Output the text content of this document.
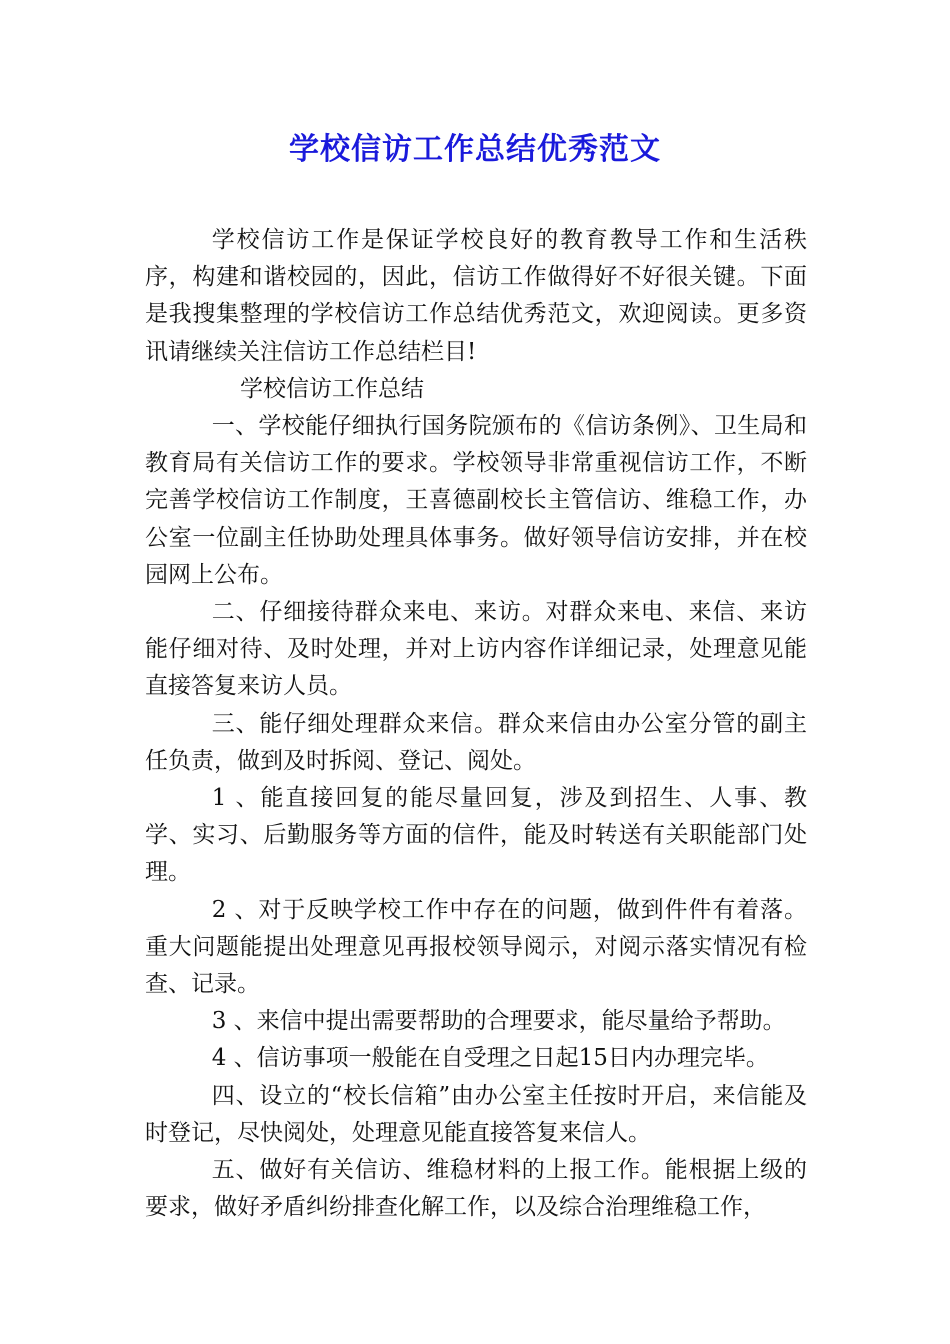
学校信访工作总结优秀范文

学校信访工作是保证学校良好的教育教导工作和生活秩序，构建和谐校园的，因此，信访工作做得好不好很关键。下面是我搜集整理的学校信访工作总结优秀范文，欢迎阅读。更多资讯请继续关注信访工作总结栏目!

学校信访工作总结

一、学校能仔细执行国务院颁布的《信访条例》、卫生局和教育局有关信访工作的要求。学校领导非常重视信访工作，不断完善学校信访工作制度，王喜德副校长主管信访、维稳工作，办公室一位副主任协助处理具体事务。做好领导信访安排，并在校园网上公布。

二、仔细接待群众来电、来访。对群众来电、来信、来访能仔细对待、及时处理，并对上访内容作详细记录，处理意见能直接答复来访人员。

三、能仔细处理群众来信。群众来信由办公室分管的副主任负责，做到及时拆阅、登记、阅处。

1 、能直接回复的能尽量回复，涉及到招生、人事、教学、实习、后勤服务等方面的信件，能及时转送有关职能部门处理。

2 、对于反映学校工作中存在的问题，做到件件有着落。重大问题能提出处理意见再报校领导阅示，对阅示落实情况有检查、记录。

3 、来信中提出需要帮助的合理要求，能尽量给予帮助。

4 、信访事项一般能在自受理之日起15日内办理完毕。

四、设立的“校长信箱”由办公室主任按时开启，来信能及时登记，尽快阅处，处理意见能直接答复来信人。

五、做好有关信访、维稳材料的上报工作。能根据上级的要求，做好矛盾纠纷排查化解工作，以及综合治理维稳工作，
